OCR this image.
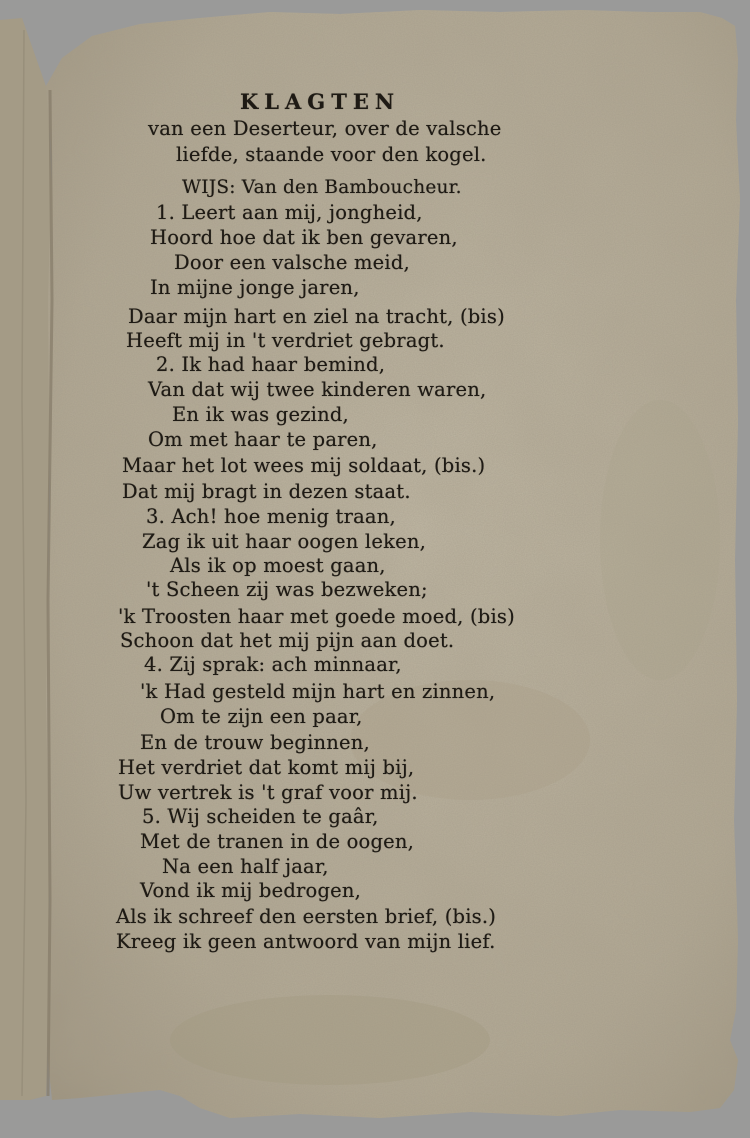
KLAGTEN
van een Deserteur, over de valsche
liefde, staande voor den kogel.
WIJS: Van den Bamboucheur.
1. Leert aan mij, jongheid,
Hoord hoe dat ik ben gevaren,
Door een valsche meid,
In mijne jonge jaren,
Daar mijn hart en ziel na tracht, (bis)
Heeft mij in 't verdriet gebragt.
2. Ik had haar bemind,
Van dat wij twee kinderen waren,
En ik was gezind,
Om met haar te paren,
Maar het lot wees mij soldaat, (bis.)
Dat mij bragt in dezen staat.
3. Ach! hoe menig traan,
Zag ik uit haar oogen leken,
Als ik op moest gaan,
't Scheen zij was bezweken;
'k Troosten haar met goede moed, (bis)
Schoon dat het mij pijn aan doet.
4. Zij sprak: ach minnaar,
'k Had gesteld mijn hart en zinnen,
Om te zijn een paar,
En de trouw beginnen,
Het verdriet dat komt mij bij,
Uw vertrek is 't graf voor mij.
5. Wij scheiden te gaâr,
Met de tranen in de oogen,
Na een half jaar,
Vond ik mij bedrogen,
Als ik schreef den eersten brief, (bis.)
Kreeg ik geen antwoord van mijn lief.
